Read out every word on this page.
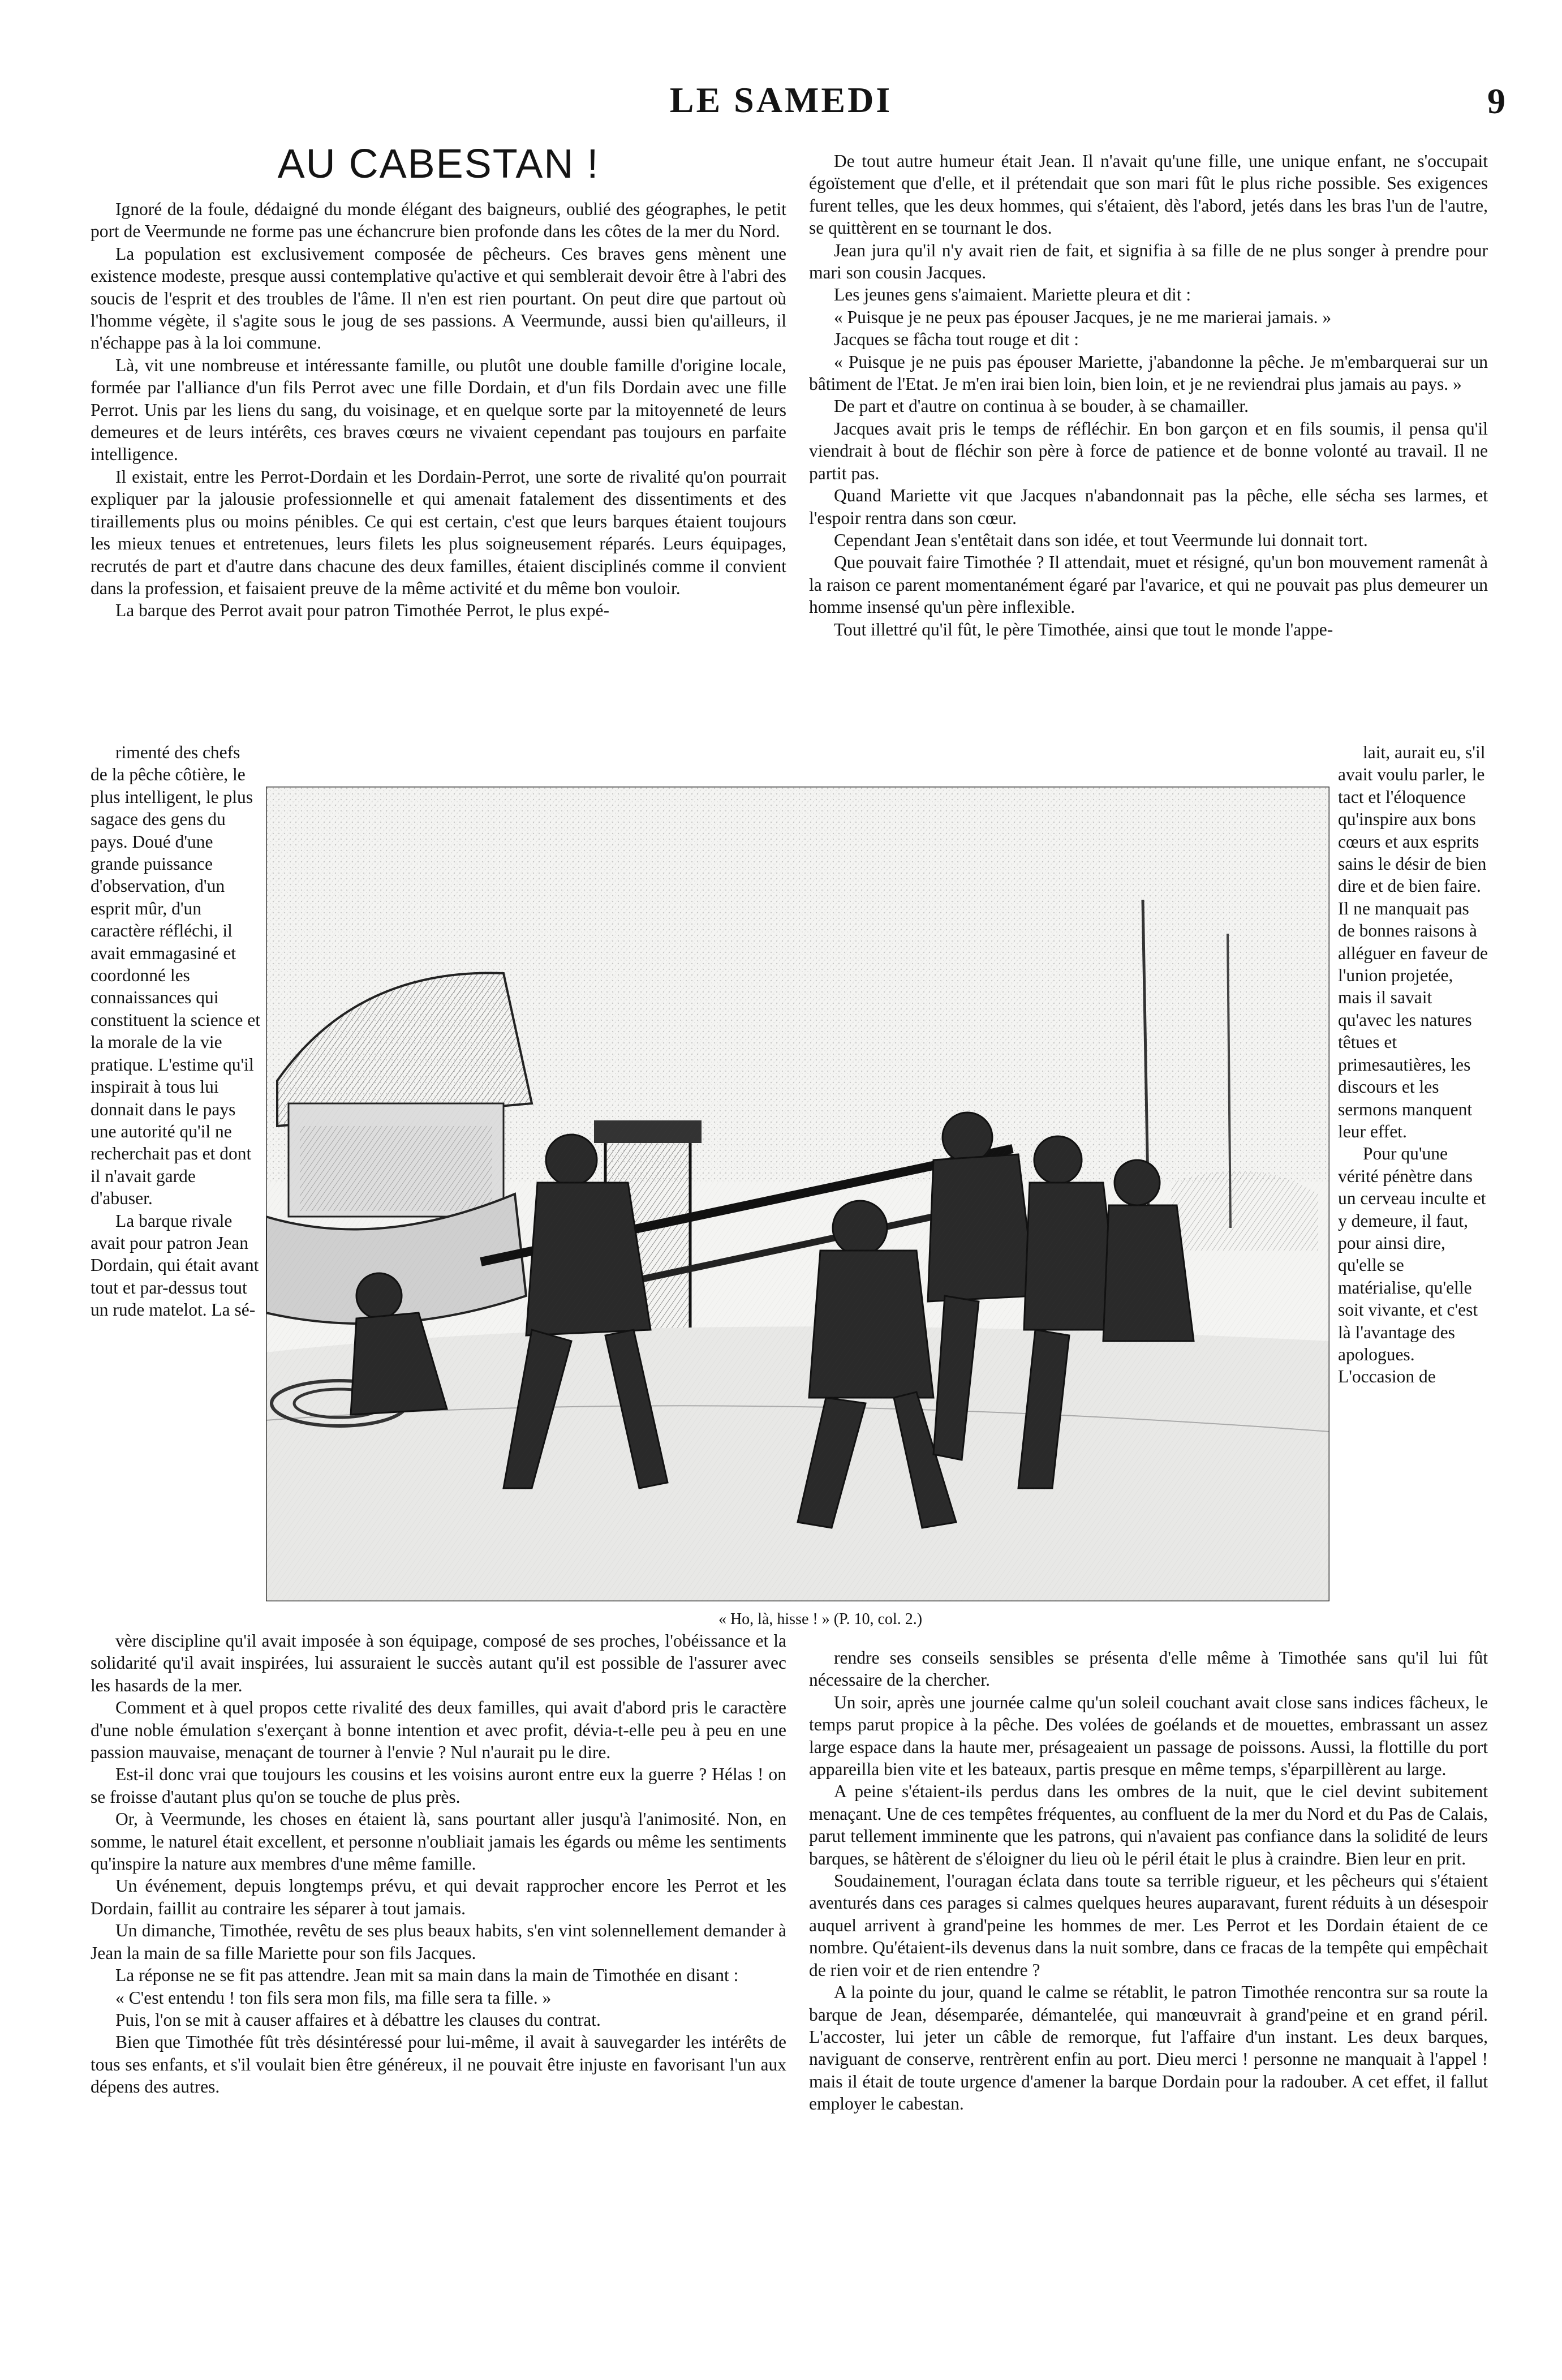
LE SAMEDI	9
AU CABESTAN !

Ignoré de la foule, dédaigné du monde élégant des baigneurs, oublié des géographes, le petit port de Veermunde ne forme pas une échancrure bien profonde dans les côtes de la mer du Nord.

La population est exclusivement composée de pêcheurs. Ces braves gens mènent une existence modeste, presque aussi contemplative qu'active et qui semblerait devoir être à l'abri des soucis de l'esprit et des troubles de l'âme. Il n'en est rien pourtant. On peut dire que partout où l'homme végète, il s'agite sous le joug de ses passions. A Veermunde, aussi bien qu'ailleurs, il n'échappe pas à la loi commune.

Là, vit une nombreuse et intéressante famille, ou plutôt une double famille d'origine locale, formée par l'alliance d'un fils Perrot avec une fille Dordain, et d'un fils Dordain avec une fille Perrot. Unis par les liens du sang, du voisinage, et en quelque sorte par la mitoyenneté de leurs demeures et de leurs intérêts, ces braves cœurs ne vivaient cependant pas toujours en parfaite intelligence.

Il existait, entre les Perrot-Dordain et les Dordain-Perrot, une sorte de rivalité qu'on pourrait expliquer par la jalousie professionnelle et qui amenait fatalement des dissentiments et des tiraillements plus ou moins pénibles. Ce qui est certain, c'est que leurs barques étaient toujours les mieux tenues et entretenues, leurs filets les plus soigneusement réparés. Leurs équipages, recrutés de part et d'autre dans chacune des deux familles, étaient disciplinés comme il convient dans la profession, et faisaient preuve de la même activité et du même bon vouloir.

La barque des Perrot avait pour patron Timothée Perrot, le plus expé-

De tout autre humeur était Jean. Il n'avait qu'une fille, une unique enfant, ne s'occupait égoïstement que d'elle, et il prétendait que son mari fût le plus riche possible. Ses exigences furent telles, que les deux hommes, qui s'étaient, dès l'abord, jetés dans les bras l'un de l'autre, se quittèrent en se tournant le dos.

Jean jura qu'il n'y avait rien de fait, et signifia à sa fille de ne plus songer à prendre pour mari son cousin Jacques.

Les jeunes gens s'aimaient. Mariette pleura et dit :

« Puisque je ne peux pas épouser Jacques, je ne me marierai jamais. »

Jacques se fâcha tout rouge et dit :

« Puisque je ne puis pas épouser Mariette, j'abandonne la pêche. Je m'embarquerai sur un bâtiment de l'Etat. Je m'en irai bien loin, bien loin, et je ne reviendrai plus jamais au pays. »

De part et d'autre on continua à se bouder, à se chamailler.

Jacques avait pris le temps de réfléchir. En bon garçon et en fils soumis, il pensa qu'il viendrait à bout de fléchir son père à force de patience et de bonne volonté au travail. Il ne partit pas.

Quand Mariette vit que Jacques n'abandonnait pas la pêche, elle sécha ses larmes, et l'espoir rentra dans son cœur.

Cependant Jean s'entêtait dans son idée, et tout Veermunde lui donnait tort.

Que pouvait faire Timothée ? Il attendait, muet et résigné, qu'un bon mouvement ramenât à la raison ce parent momentanément égaré par l'avarice, et qui ne pouvait pas plus demeurer un homme insensé qu'un père inflexible.

Tout illettré qu'il fût, le père Timothée, ainsi que tout le monde l'appe-

rimenté des chefs de la pêche côtière, le plus intelligent, le plus sagace des gens du pays. Doué d'une grande puissance d'observation, d'un esprit mûr, d'un caractère réfléchi, il avait emmagasiné et coordonné les connaissances qui constituent la science et la morale de la vie pratique. L'estime qu'il inspirait à tous lui donnait dans le pays une autorité qu'il ne recherchait pas et dont il n'avait garde d'abuser.

La barque rivale avait pour patron Jean Dordain, qui était avant tout et par-dessus tout un rude matelot. La sé-

lait, aurait eu, s'il avait voulu parler, le tact et l'éloquence qu'inspire aux bons cœurs et aux esprits sains le désir de bien dire et de bien faire. Il ne manquait pas de bonnes raisons à alléguer en faveur de l'union projetée, mais il savait qu'avec les natures têtues et primesautières, les discours et les sermons manquent leur effet.

Pour qu'une vérité pénètre dans un cerveau inculte et y demeure, il faut, pour ainsi dire, qu'elle se matérialise, qu'elle soit vivante, et c'est là l'avantage des apologues. L'occasion de

« Ho, là, hisse ! » (P. 10, col. 2.)

vère discipline qu'il avait imposée à son équipage, composé de ses proches, l'obéissance et la solidarité qu'il avait inspirées, lui assuraient le succès autant qu'il est possible de l'assurer avec les hasards de la mer.

Comment et à quel propos cette rivalité des deux familles, qui avait d'abord pris le caractère d'une noble émulation s'exerçant à bonne intention et avec profit, dévia-t-elle peu à peu en une passion mauvaise, menaçant de tourner à l'envie ? Nul n'aurait pu le dire.

Est-il donc vrai que toujours les cousins et les voisins auront entre eux la guerre ? Hélas ! on se froisse d'autant plus qu'on se touche de plus près.

Or, à Veermunde, les choses en étaient là, sans pourtant aller jusqu'à l'animosité. Non, en somme, le naturel était excellent, et personne n'oubliait jamais les égards ou même les sentiments qu'inspire la nature aux membres d'une même famille.

Un événement, depuis longtemps prévu, et qui devait rapprocher encore les Perrot et les Dordain, faillit au contraire les séparer à tout jamais.

Un dimanche, Timothée, revêtu de ses plus beaux habits, s'en vint solennellement demander à Jean la main de sa fille Mariette pour son fils Jacques.

La réponse ne se fit pas attendre. Jean mit sa main dans la main de Timothée en disant :

« C'est entendu ! ton fils sera mon fils, ma fille sera ta fille. »

Puis, l'on se mit à causer affaires et à débattre les clauses du contrat.

Bien que Timothée fût très désintéressé pour lui-même, il avait à sauvegarder les intérêts de tous ses enfants, et s'il voulait bien être généreux, il ne pouvait être injuste en favorisant l'un aux dépens des autres.

rendre ses conseils sensibles se présenta d'elle même à Timothée sans qu'il lui fût nécessaire de la chercher.

Un soir, après une journée calme qu'un soleil couchant avait close sans indices fâcheux, le temps parut propice à la pêche. Des volées de goélands et de mouettes, embrassant un assez large espace dans la haute mer, présageaient un passage de poissons. Aussi, la flottille du port appareilla bien vite et les bateaux, partis presque en même temps, s'éparpillèrent au large.

A peine s'étaient-ils perdus dans les ombres de la nuit, que le ciel devint subitement menaçant. Une de ces tempêtes fréquentes, au confluent de la mer du Nord et du Pas de Calais, parut tellement imminente que les patrons, qui n'avaient pas confiance dans la solidité de leurs barques, se hâtèrent de s'éloigner du lieu où le péril était le plus à craindre. Bien leur en prit.

Soudainement, l'ouragan éclata dans toute sa terrible rigueur, et les pêcheurs qui s'étaient aventurés dans ces parages si calmes quelques heures auparavant, furent réduits à un désespoir auquel arrivent à grand'peine les hommes de mer. Les Perrot et les Dordain étaient de ce nombre. Qu'étaient-ils devenus dans la nuit sombre, dans ce fracas de la tempête qui empêchait de rien voir et de rien entendre ?

A la pointe du jour, quand le calme se rétablit, le patron Timothée rencontra sur sa route la barque de Jean, désemparée, démantelée, qui manœuvrait à grand'peine et en grand péril. L'accoster, lui jeter un câble de remorque, fut l'affaire d'un instant. Les deux barques, naviguant de conserve, rentrèrent enfin au port. Dieu merci ! personne ne manquait à l'appel ! mais il était de toute urgence d'amener la barque Dordain pour la radouber. A cet effet, il fallut employer le cabestan.
